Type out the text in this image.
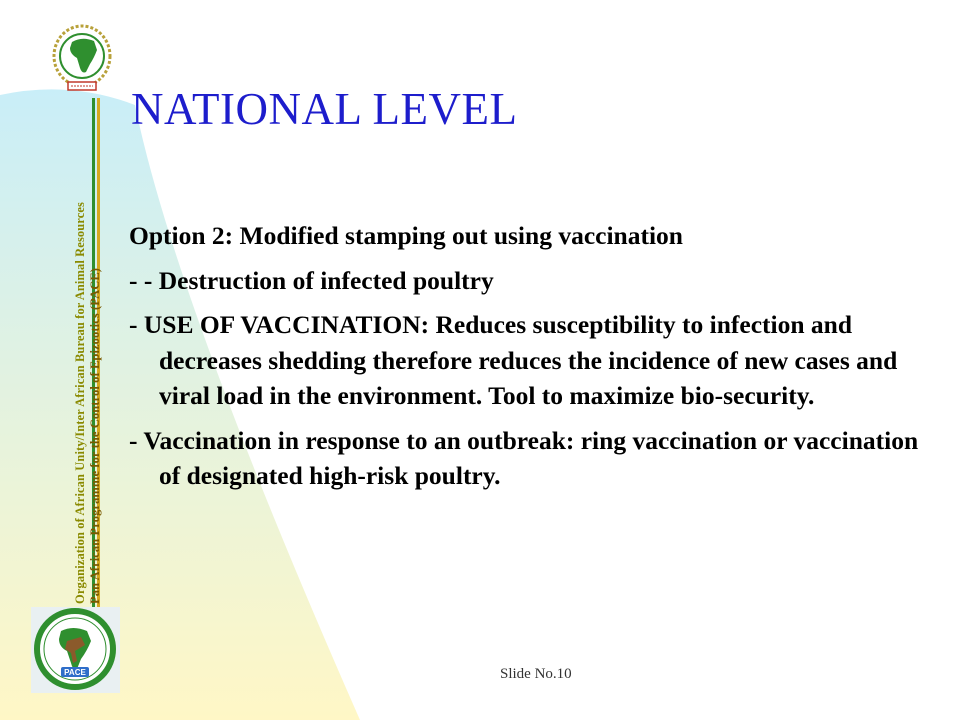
Organization of African Unity/Inter African Bureau for Animal Resources Pan African Programme for the Control of Epizootics (PACE)
PACE
NATIONAL LEVEL
Option 2: Modified stamping out using vaccination
- - Destruction of infected poultry
- USE OF VACCINATION: Reduces susceptibility to infection and decreases shedding therefore reduces the incidence of new cases and viral load in the environment. Tool to maximize bio-security.
- Vaccination in response to an outbreak: ring vaccination or vaccination of designated high-risk poultry.
Slide No.10
